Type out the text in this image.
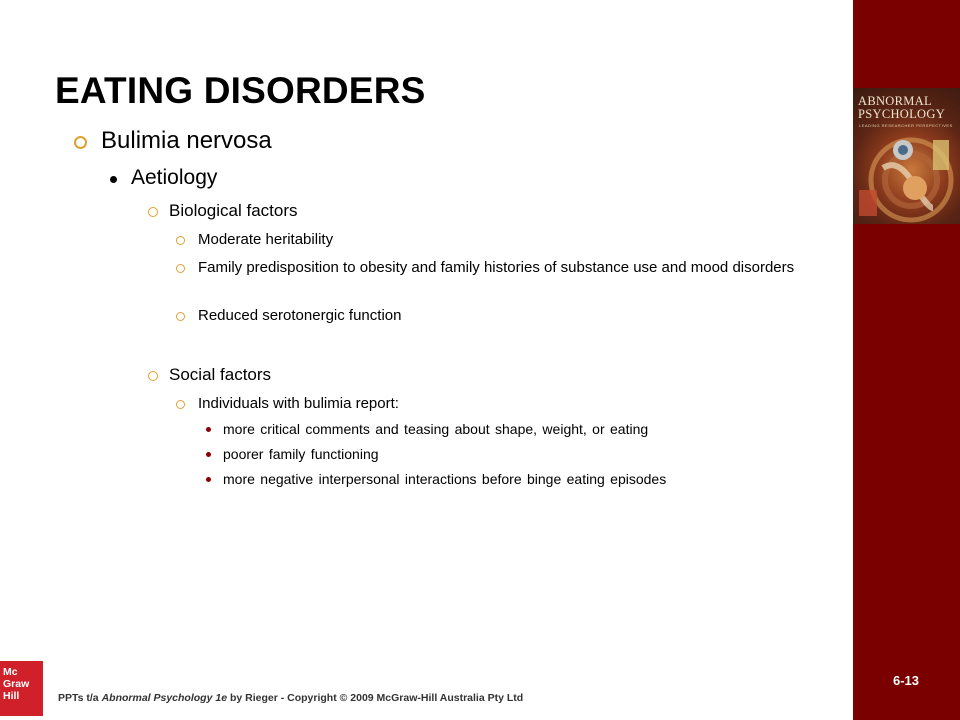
ABNORMAL
PSYCHOLOGY
LEADING RESEARCHER PERSPECTIVES
EATING DISORDERS
Bulimia nervosa
Aetiology
Biological factors
Moderate heritability
Family predisposition to obesity and family histories of substance use and mood disorders
Reduced serotonergic function
Social factors
Individuals with bulimia report:
more critical comments and teasing about shape, weight, or eating
poorer family functioning
more negative interpersonal interactions before binge eating episodes
6-13
Mc
Graw
Hill	PPTs t/a Abnormal Psychology 1e by Rieger - Copyright © 2009 McGraw-Hill Australia Pty Ltd
